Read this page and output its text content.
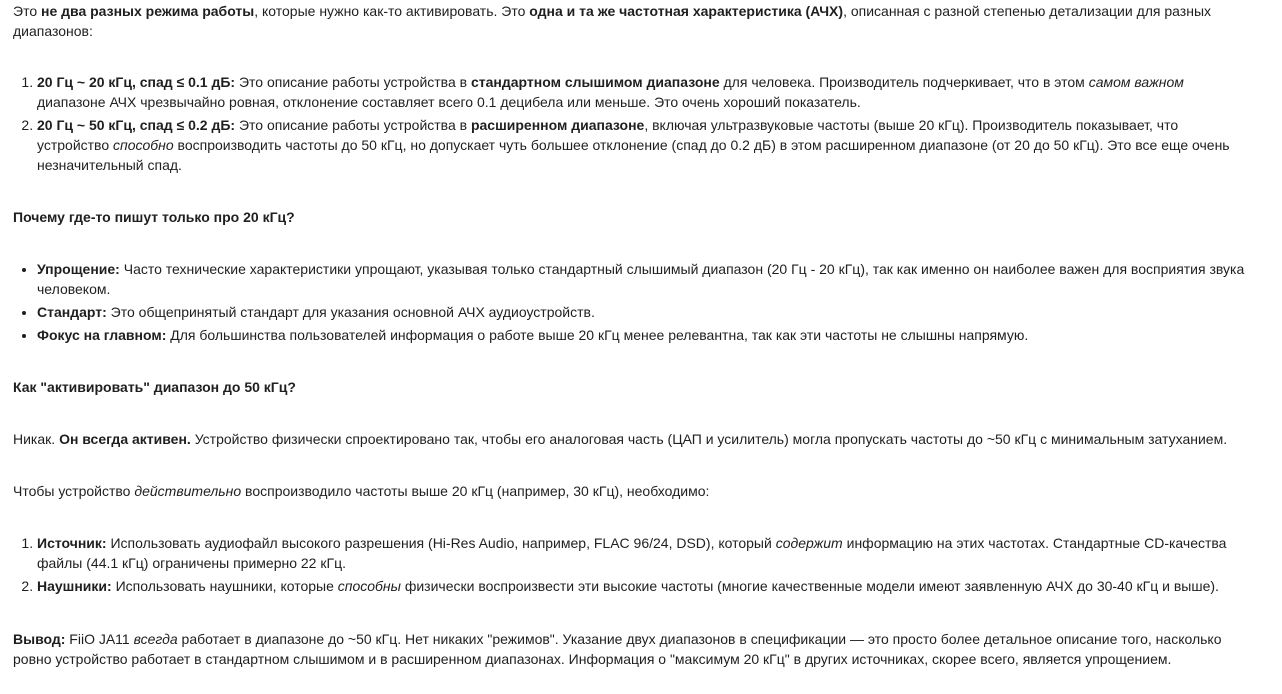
Это не два разных режима работы, которые нужно как-то активировать. Это одна и та же частотная характеристика (АЧХ), описанная с разной степенью детализации для разных диапазонов:

1. 20 Гц ~ 20 кГц, спад ≤ 0.1 дБ: Это описание работы устройства в стандартном слышимом диапазоне для человека. Производитель подчеркивает, что в этом самом важном диапазоне АЧХ чрезвычайно ровная, отклонение составляет всего 0.1 децибела или меньше. Это очень хороший показатель.
2. 20 Гц ~ 50 кГц, спад ≤ 0.2 дБ: Это описание работы устройства в расширенном диапазоне, включая ультразвуковые частоты (выше 20 кГц). Производитель показывает, что устройство способно воспроизводить частоты до 50 кГц, но допускает чуть большее отклонение (спад до 0.2 дБ) в этом расширенном диапазоне (от 20 до 50 кГц). Это все еще очень незначительный спад.
Почему где-то пишут только про 20 кГц?
• Упрощение: Часто технические характеристики упрощают, указывая только стандартный слышимый диапазон (20 Гц - 20 кГц), так как именно он наиболее важен для восприятия звука человеком.
• Стандарт: Это общепринятый стандарт для указания основной АЧХ аудиоустройств.
• Фокус на главном: Для большинства пользователей информация о работе выше 20 кГц менее релевантна, так как эти частоты не слышны напрямую.
Как "активировать" диапазон до 50 кГц?

Никак. Он всегда активен. Устройство физически спроектировано так, чтобы его аналоговая часть (ЦАП и усилитель) могла пропускать частоты до ~50 кГц с минимальным затуханием.

Чтобы устройство действительно воспроизводило частоты выше 20 кГц (например, 30 кГц), необходимо:

1. Источник: Использовать аудиофайл высокого разрешения (Hi-Res Audio, например, FLAC 96/24, DSD), который содержит информацию на этих частотах. Стандартные CD-качества файлы (44.1 кГц) ограничены примерно 22 кГц.
2. Наушники: Использовать наушники, которые способны физически воспроизвести эти высокие частоты (многие качественные модели имеют заявленную АЧХ до 30-40 кГц и выше).

Вывод: FiiO JA11 всегда работает в диапазоне до ~50 кГц. Нет никаких "режимов". Указание двух диапазонов в спецификации — это просто более детальное описание того, насколько ровно устройство работает в стандартном слышимом и в расширенном диапазонах. Информация о "максимум 20 кГц" в других источниках, скорее всего, является упрощением.
